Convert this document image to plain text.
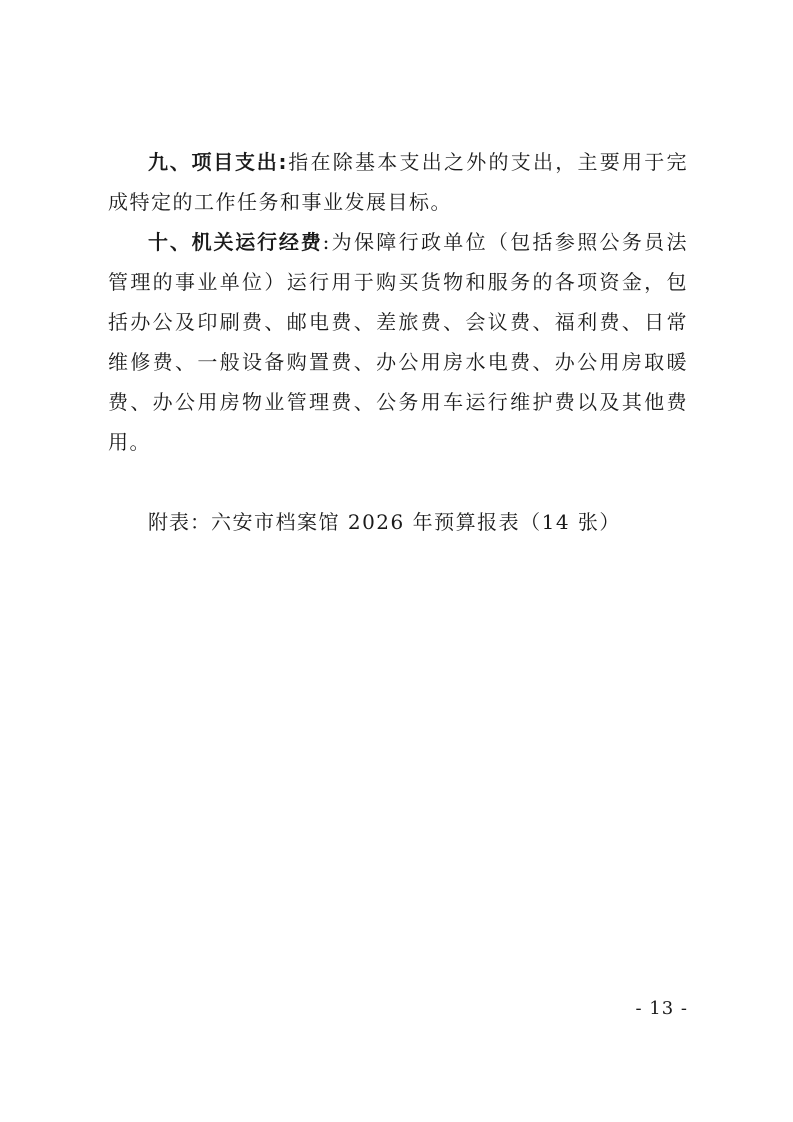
九、项目支出:指在除基本支出之外的支出，主要用于完成特定的工作任务和事业发展目标。

十、机关运行经费:为保障行政单位（包括参照公务员法管理的事业单位）运行用于购买货物和服务的各项资金，包括办公及印刷费、邮电费、差旅费、会议费、福利费、日常维修费、一般设备购置费、办公用房水电费、办公用房取暖费、办公用房物业管理费、公务用车运行维护费以及其他费用。

附表：六安市档案馆 2026 年预算报表（14 张）

- 13 -
